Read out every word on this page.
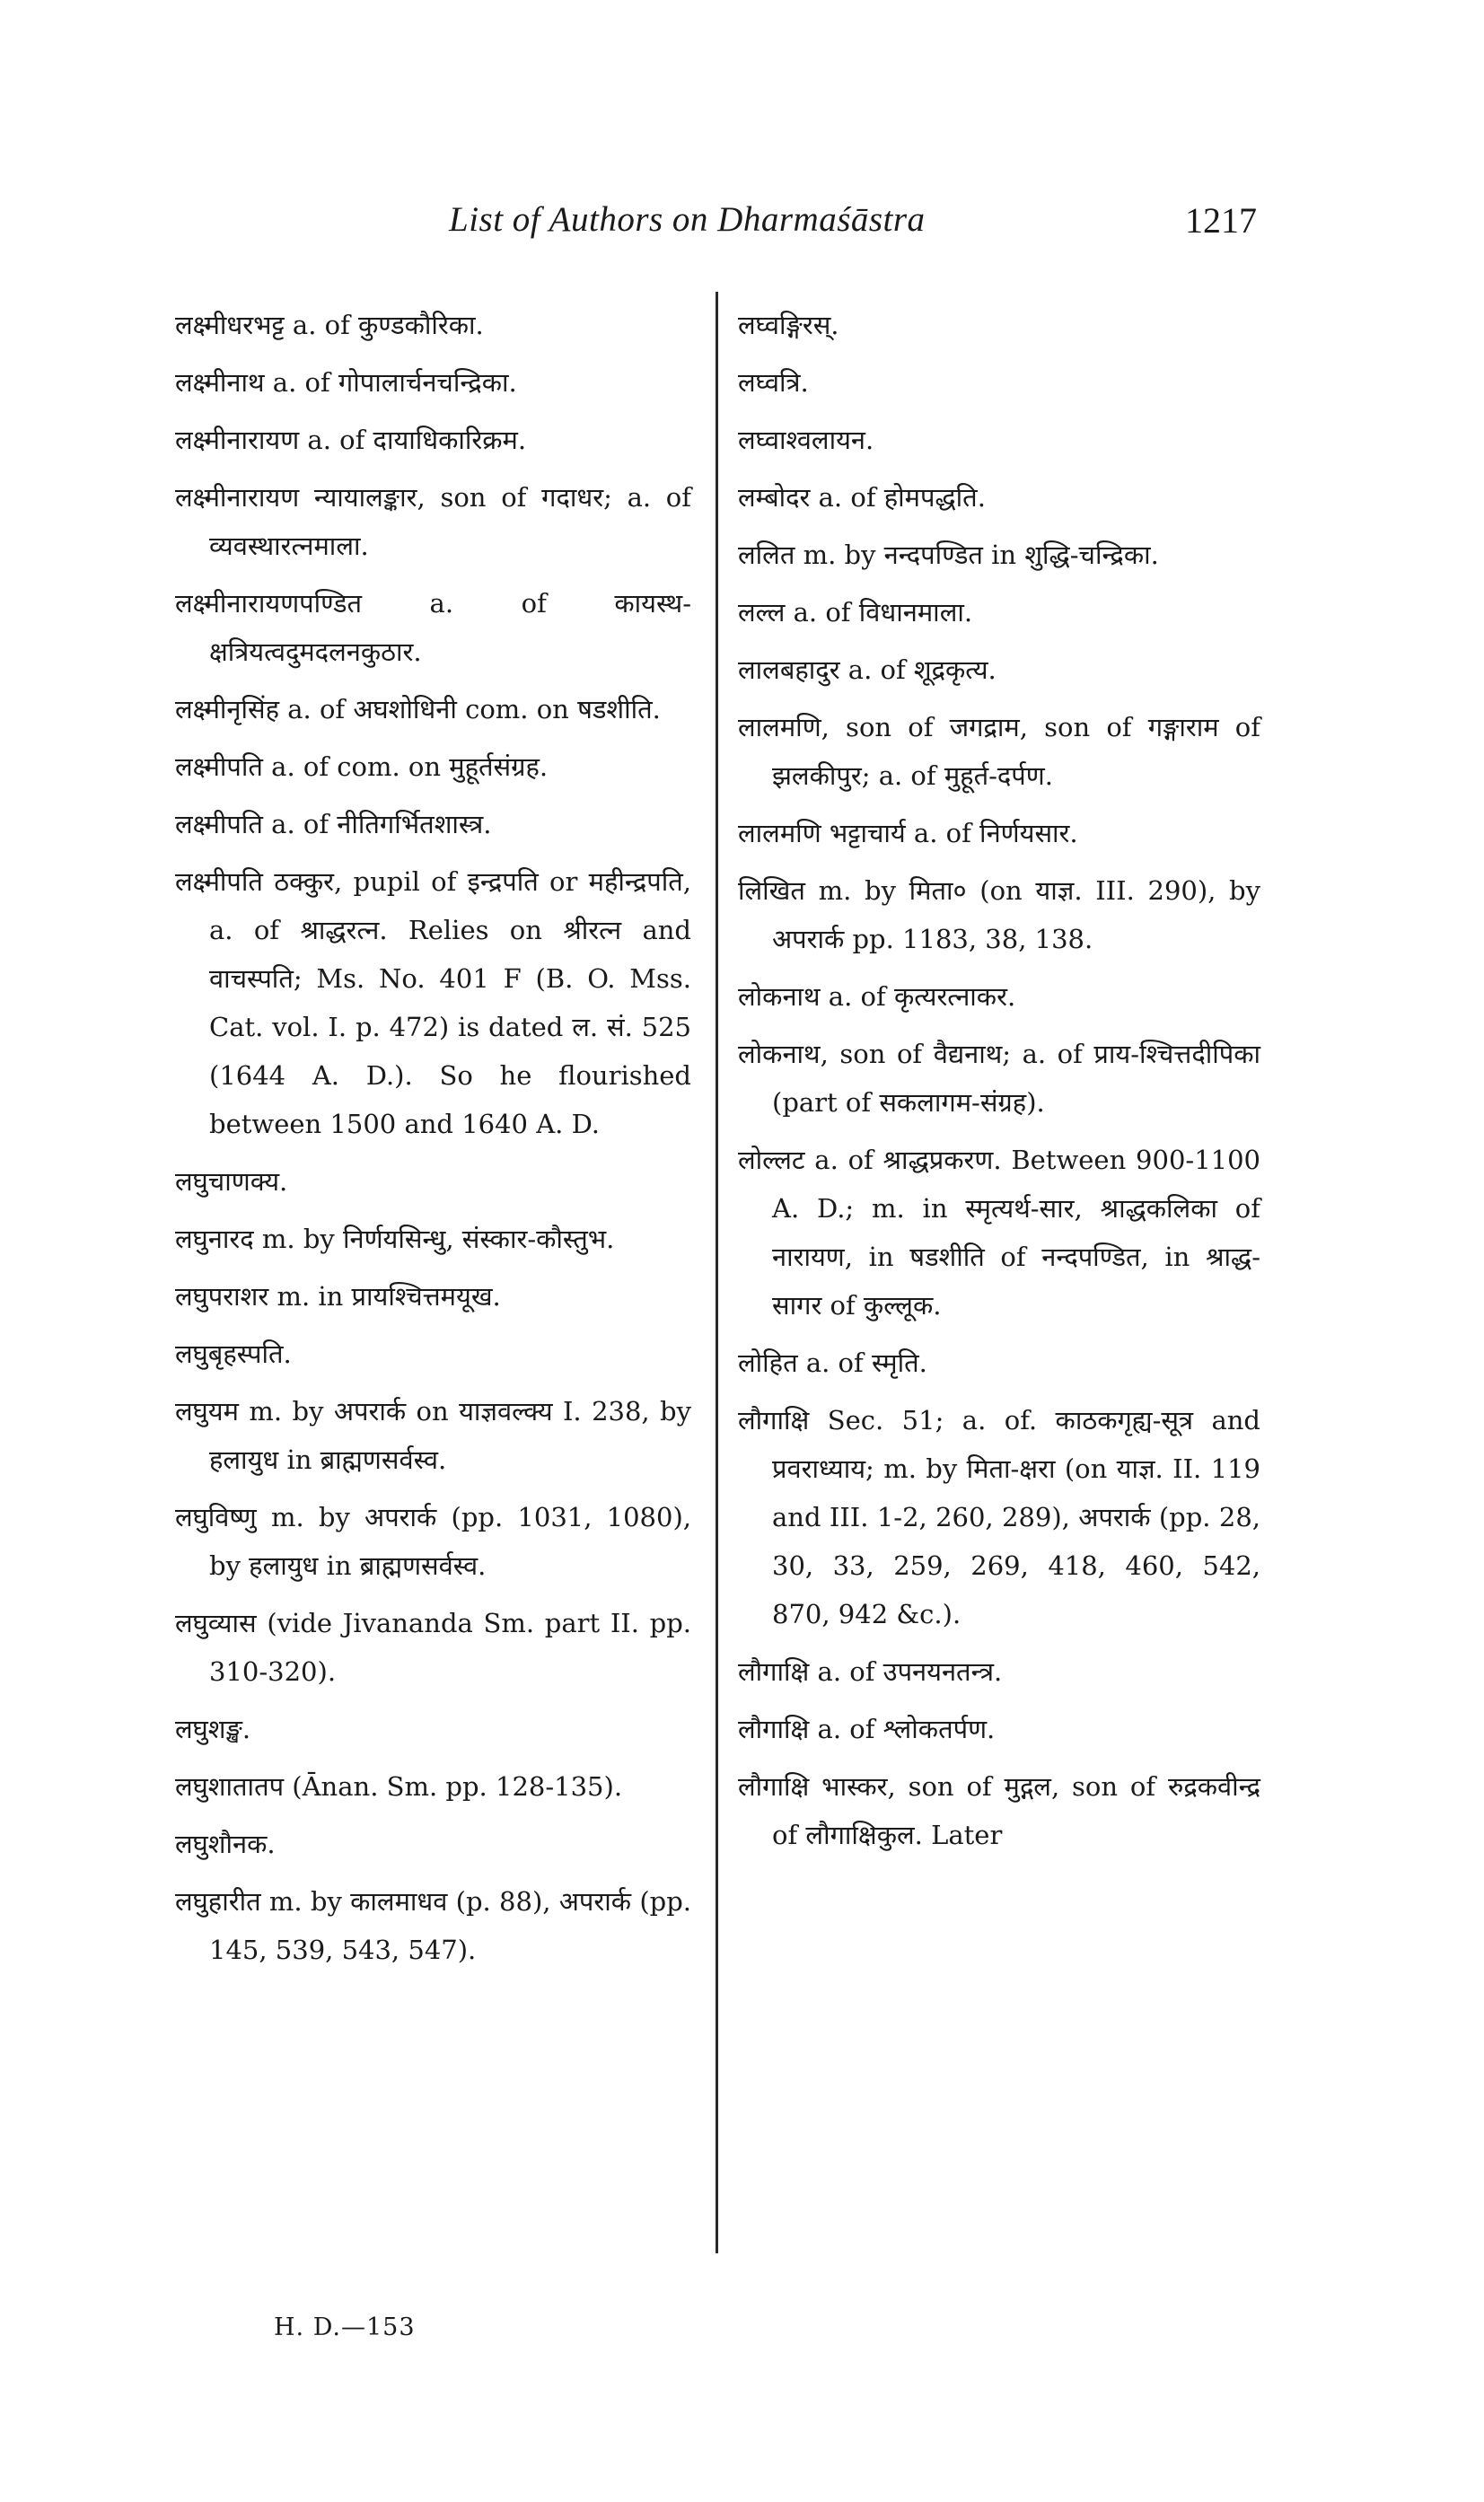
List of Authors on Dharmaśāstra	1217

लक्ष्मीधरभट्ट a. of कुण्डकौरिका.

लक्ष्मीनाथ a. of गोपालार्चनचन्द्रिका.

लक्ष्मीनारायण a. of दायाधिकारिक्रम.

लक्ष्मीनारायण न्यायालङ्कार, son of गदाधर; a. of व्यवस्थारत्नमाला.

लक्ष्मीनारायणपण्डित a. of कायस्थ-क्षत्रियत्वदुमदलनकुठार.

लक्ष्मीनृसिंह a. of अघशोधिनी com. on षडशीति.

लक्ष्मीपति a. of com. on मुहूर्तसंग्रह.

लक्ष्मीपति a. of नीतिगर्भितशास्त्र.

लक्ष्मीपति ठक्कुर, pupil of इन्द्रपति or महीन्द्रपति, a. of श्राद्धरत्न. Relies on श्रीरत्न and वाचस्पति; Ms. No. 401 F (B. O. Mss. Cat. vol. I. p. 472) is dated ल. सं. 525 (1644 A. D.). So he flourished between 1500 and 1640 A. D.

लघुचाणक्य.

लघुनारद m. by निर्णयसिन्धु, संस्कार-कौस्तुभ.

लघुपराशर m. in प्रायश्चित्तमयूख.

लघुबृहस्पति.

लघुयम m. by अपरार्क on याज्ञवल्क्य I. 238, by हलायुध in ब्राह्मणसर्वस्व.

लघुविष्णु m. by अपरार्क (pp. 1031, 1080), by हलायुध in ब्राह्मणसर्वस्व.

लघुव्यास (vide Jivananda Sm. part II. pp. 310-320).

लघुशङ्ख.

लघुशातातप (Ānan. Sm. pp. 128-135).

लघुशौनक.

लघुहारीत m. by कालमाधव (p. 88), अपरार्क (pp. 145, 539, 543, 547).

लघ्वङ्गिरस्.

लघ्वत्रि.

लघ्वाश्वलायन.

लम्बोदर a. of होमपद्धति.

ललित m. by नन्दपण्डित in शुद्धि-चन्द्रिका.

लल्ल a. of विधानमाला.

लालबहादुर a. of शूद्रकृत्य.

लालमणि, son of जगद्राम, son of गङ्गाराम of झलकीपुर; a. of मुहूर्त-दर्पण.

लालमणि भट्टाचार्य a. of निर्णयसार.

लिखित m. by मिता० (on याज्ञ. III. 290), by अपरार्क pp. 1183, 38, 138.

लोकनाथ a. of कृत्यरत्नाकर.

लोकनाथ, son of वैद्यनाथ; a. of प्राय-श्चित्तदीपिका (part of सकलागम-संग्रह).

लोल्लट a. of श्राद्धप्रकरण. Between 900-1100 A. D.; m. in स्मृत्यर्थ-सार, श्राद्धकलिका of नारायण, in षडशीति of नन्दपण्डित, in श्राद्ध-सागर of कुल्लूक.

लोहित a. of स्मृति.

लौगाक्षि Sec. 51; a. of. काठकगृह्य-सूत्र and प्रवराध्याय; m. by मिता-क्षरा (on याज्ञ. II. 119 and III. 1-2, 260, 289), अपरार्क (pp. 28, 30, 33, 259, 269, 418, 460, 542, 870, 942 &c.).

लौगाक्षि a. of उपनयनतन्त्र.

लौगाक्षि a. of श्लोकतर्पण.

लौगाक्षि भास्कर, son of मुद्गल, son of रुद्रकवीन्द्र of लौगाक्षिकुल. Later

H. D.—153
